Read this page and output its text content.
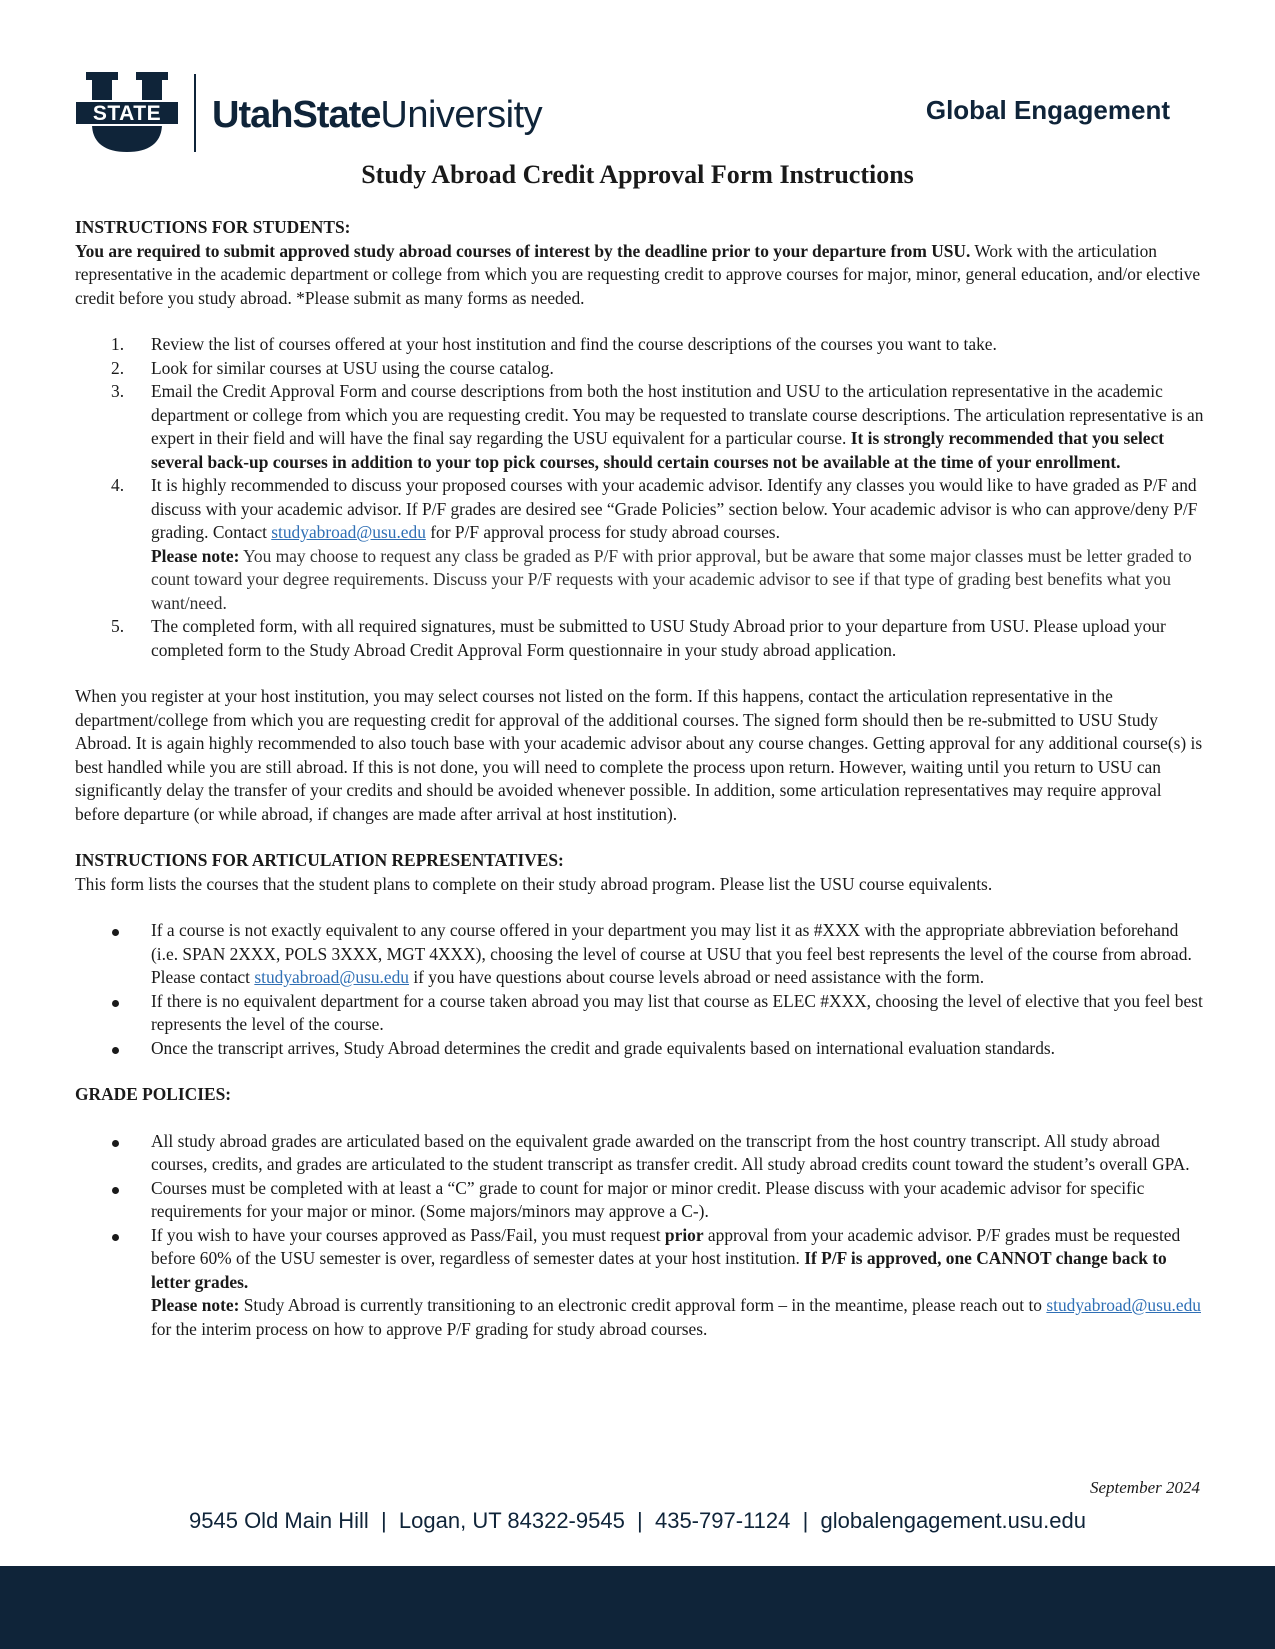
STATE UtahStateUniversity	Global Engagement
Study Abroad Credit Approval Form Instructions

INSTRUCTIONS FOR STUDENTS:

You are required to submit approved study abroad courses of interest by the deadline prior to your departure from USU. Work with the articulation representative in the academic department or college from which you are requesting credit to approve courses for major, minor, general education, and/or elective credit before you study abroad. *Please submit as many forms as needed.

1. Review the list of courses offered at your host institution and find the course descriptions of the courses you want to take.
2. Look for similar courses at USU using the course catalog.
3. Email the Credit Approval Form and course descriptions from both the host institution and USU to the articulation representative in the academic department or college from which you are requesting credit. You may be requested to translate course descriptions. The articulation representative is an expert in their field and will have the final say regarding the USU equivalent for a particular course. It is strongly recommended that you select several back-up courses in addition to your top pick courses, should certain courses not be available at the time of your enrollment.
4. It is highly recommended to discuss your proposed courses with your academic advisor. Identify any classes you would like to have graded as P/F and discuss with your academic advisor. If P/F grades are desired see “Grade Policies” section below. Your academic advisor is who can approve/deny P/F grading. Contact studyabroad@usu.edu for P/F approval process for study abroad courses.
Please note: You may choose to request any class be graded as P/F with prior approval, but be aware that some major classes must be letter graded to count toward your degree requirements. Discuss your P/F requests with your academic advisor to see if that type of grading best benefits what you want/need.
5. The completed form, with all required signatures, must be submitted to USU Study Abroad prior to your departure from USU. Please upload your completed form to the Study Abroad Credit Approval Form questionnaire in your study abroad application.

When you register at your host institution, you may select courses not listed on the form. If this happens, contact the articulation representative in the department/college from which you are requesting credit for approval of the additional courses. The signed form should then be re-submitted to USU Study Abroad. It is again highly recommended to also touch base with your academic advisor about any course changes. Getting approval for any additional course(s) is best handled while you are still abroad. If this is not done, you will need to complete the process upon return. However, waiting until you return to USU can significantly delay the transfer of your credits and should be avoided whenever possible. In addition, some articulation representatives may require approval before departure (or while abroad, if changes are made after arrival at host institution).

INSTRUCTIONS FOR ARTICULATION REPRESENTATIVES:

This form lists the courses that the student plans to complete on their study abroad program. Please list the USU course equivalents.

If a course is not exactly equivalent to any course offered in your department you may list it as #XXX with the appropriate abbreviation beforehand (i.e. SPAN 2XXX, POLS 3XXX, MGT 4XXX), choosing the level of course at USU that you feel best represents the level of the course from abroad. Please contact studyabroad@usu.edu if you have questions about course levels abroad or need assistance with the form.
If there is no equivalent department for a course taken abroad you may list that course as ELEC #XXX, choosing the level of elective that you feel best represents the level of the course.
Once the transcript arrives, Study Abroad determines the credit and grade equivalents based on international evaluation standards.

GRADE POLICIES:

All study abroad grades are articulated based on the equivalent grade awarded on the transcript from the host country transcript. All study abroad courses, credits, and grades are articulated to the student transcript as transfer credit. All study abroad credits count toward the student’s overall GPA.
Courses must be completed with at least a “C” grade to count for major or minor credit. Please discuss with your academic advisor for specific requirements for your major or minor. (Some majors/minors may approve a C-).
If you wish to have your courses approved as Pass/Fail, you must request prior approval from your academic advisor. P/F grades must be requested before 60% of the USU semester is over, regardless of semester dates at your host institution. If P/F is approved, one CANNOT change back to letter grades.
Please note: Study Abroad is currently transitioning to an electronic credit approval form – in the meantime, please reach out to studyabroad@usu.edu for the interim process on how to approve P/F grading for study abroad courses.
September 2024
9545 Old Main Hill  |  Logan, UT 84322-9545  |  435-797-1124  |  globalengagement.usu.edu
